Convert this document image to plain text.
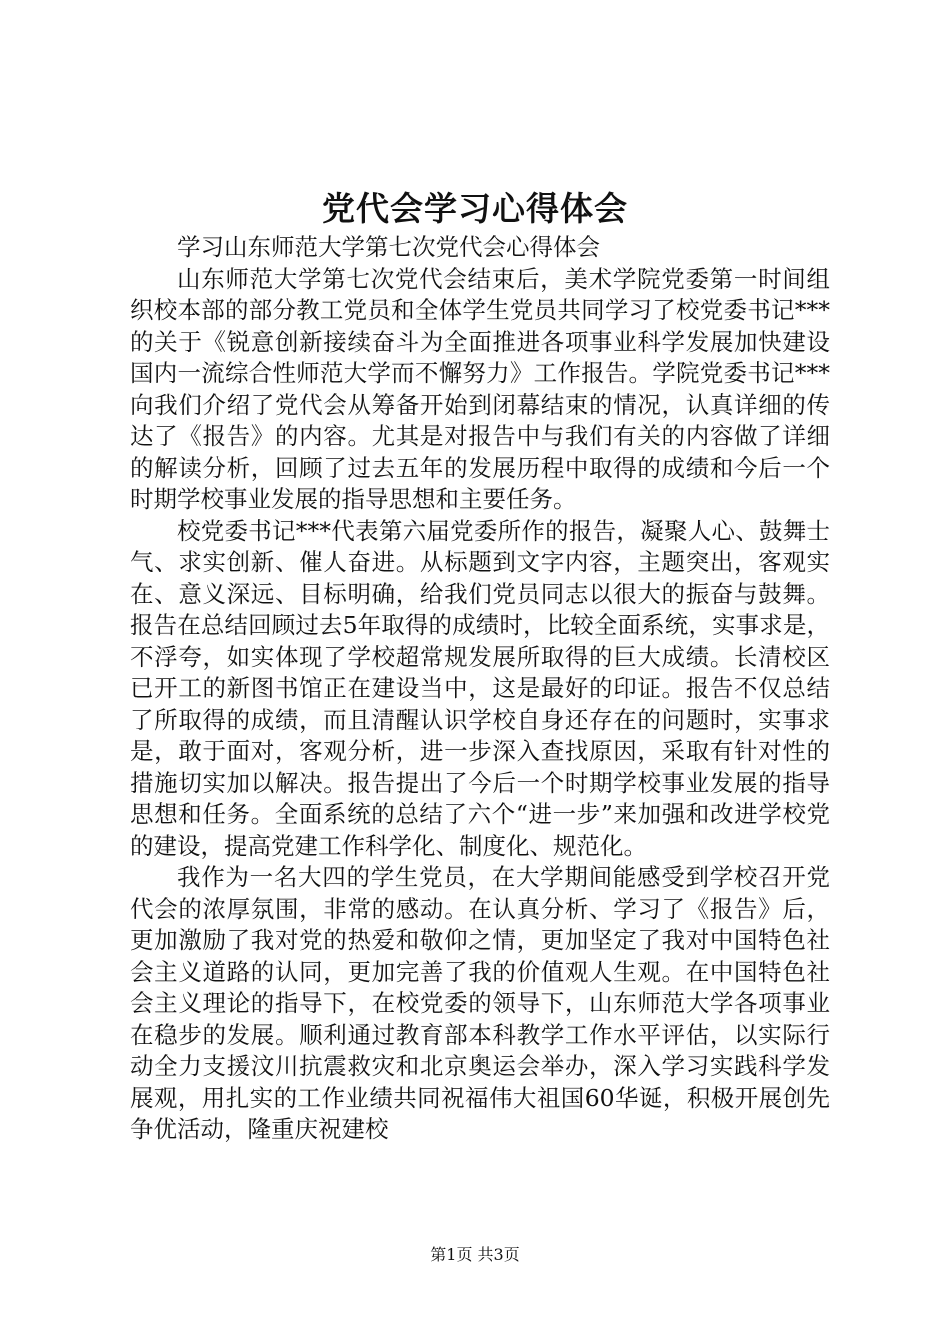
党代会学习心得体会
学习山东师范大学第七次党代会心得体会

山东师范大学第七次党代会结束后，美术学院党委第一时间组织校本部的部分教工党员和全体学生党员共同学习了校党委书记***的关于《锐意创新接续奋斗为全面推进各项事业科学发展加快建设国内一流综合性师范大学而不懈努力》工作报告。学院党委书记***向我们介绍了党代会从筹备开始到闭幕结束的情况，认真详细的传达了《报告》的内容。尤其是对报告中与我们有关的内容做了详细的解读分析，回顾了过去五年的发展历程中取得的成绩和今后一个时期学校事业发展的指导思想和主要任务。

校党委书记***代表第六届党委所作的报告，凝聚人心、鼓舞士气、求实创新、催人奋进。从标题到文字内容，主题突出，客观实在、意义深远、目标明确，给我们党员同志以很大的振奋与鼓舞。报告在总结回顾过去5年取得的成绩时，比较全面系统，实事求是，不浮夸，如实体现了学校超常规发展所取得的巨大成绩。长清校区已开工的新图书馆正在建设当中，这是最好的印证。报告不仅总结了所取得的成绩，而且清醒认识学校自身还存在的问题时，实事求是，敢于面对，客观分析，进一步深入查找原因，采取有针对性的措施切实加以解决。报告提出了今后一个时期学校事业发展的指导思想和任务。全面系统的总结了六个“进一步”来加强和改进学校党的建设，提高党建工作科学化、制度化、规范化。

我作为一名大四的学生党员，在大学期间能感受到学校召开党代会的浓厚氛围，非常的感动。在认真分析、学习了《报告》后，更加激励了我对党的热爱和敬仰之情，更加坚定了我对中国特色社会主义道路的认同，更加完善了我的价值观人生观。在中国特色社会主义理论的指导下，在校党委的领导下，山东师范大学各项事业在稳步的发展。顺利通过教育部本科教学工作水平评估，以实际行动全力支援汶川抗震救灾和北京奥运会举办，深入学习实践科学发展观，用扎实的工作业绩共同祝福伟大祖国60华诞，积极开展创先争优活动，隆重庆祝建校

第1页 共3页
